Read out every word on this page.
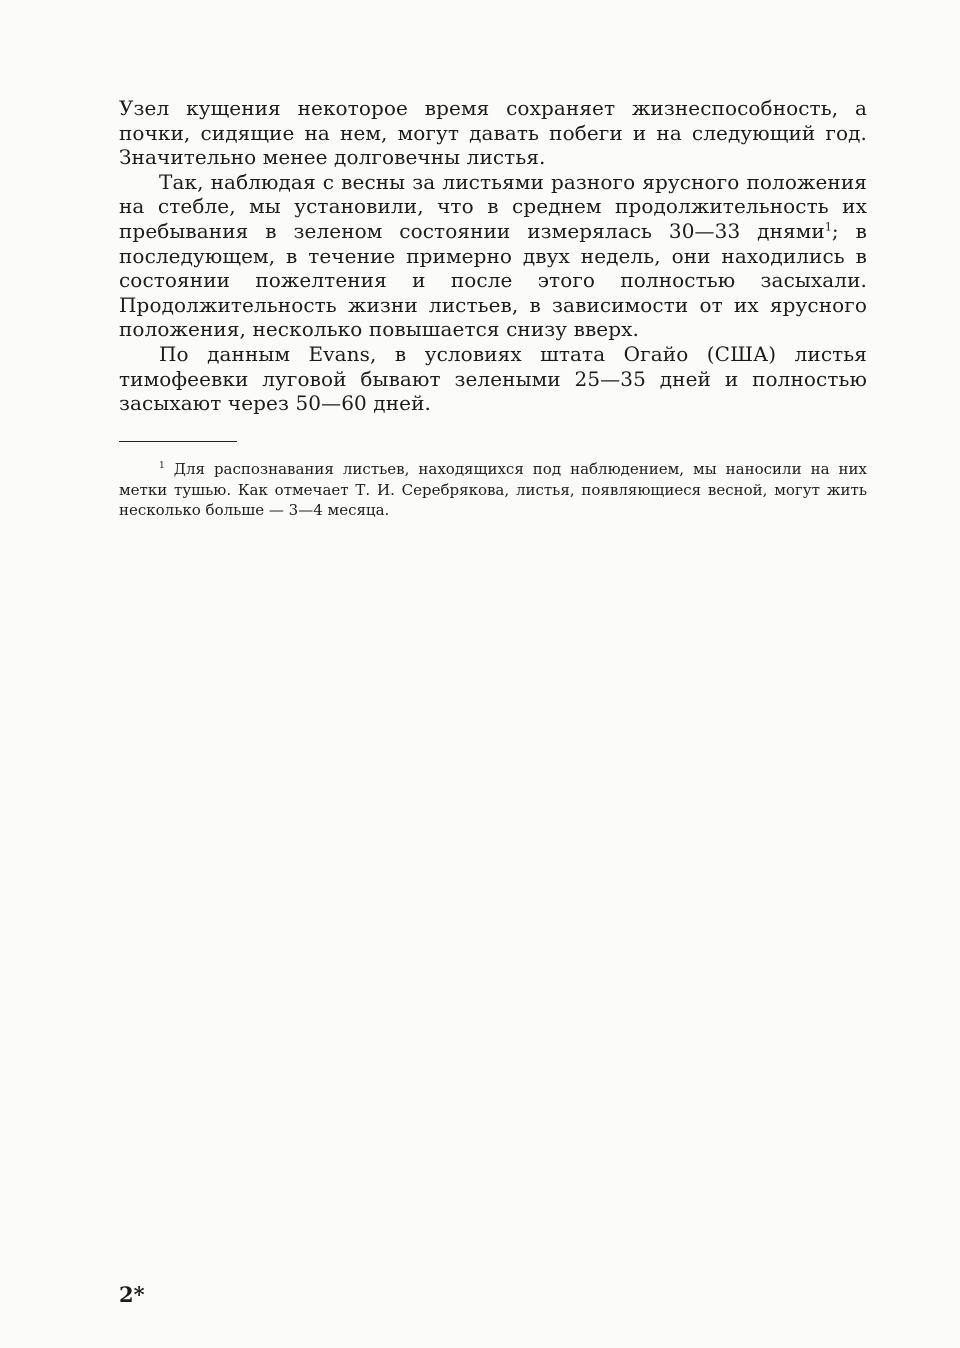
Узел кущения некоторое время сохраняет жизнеспособность, а почки, сидящие на нем, могут давать побеги и на следующий год. Значительно менее долговечны листья.

Так, наблюдая с весны за листьями разного ярусного положения на стебле, мы установили, что в среднем продолжительность их пребывания в зеленом состоянии измерялась 30—33 днями$^1$; в последующем, в течение примерно двух недель, они находились в состоянии пожелтения и после этого полностью засыхали. Продолжительность жизни листьев, в зависимости от их ярусного положения, несколько повышается снизу вверх.

По данным Evans, в условиях штата Огайо (США) листья тимофеевки луговой бывают зелеными 25—35 дней и полностью засыхают через 50—60 дней.

$^1$ Для распознавания листьев, находящихся под наблюдением, мы наносили на них метки тушью. Как отмечает Т. И. Серебрякова, листья, появляющиеся весной, могут жить несколько больше — 3—4 месяца.

2*
